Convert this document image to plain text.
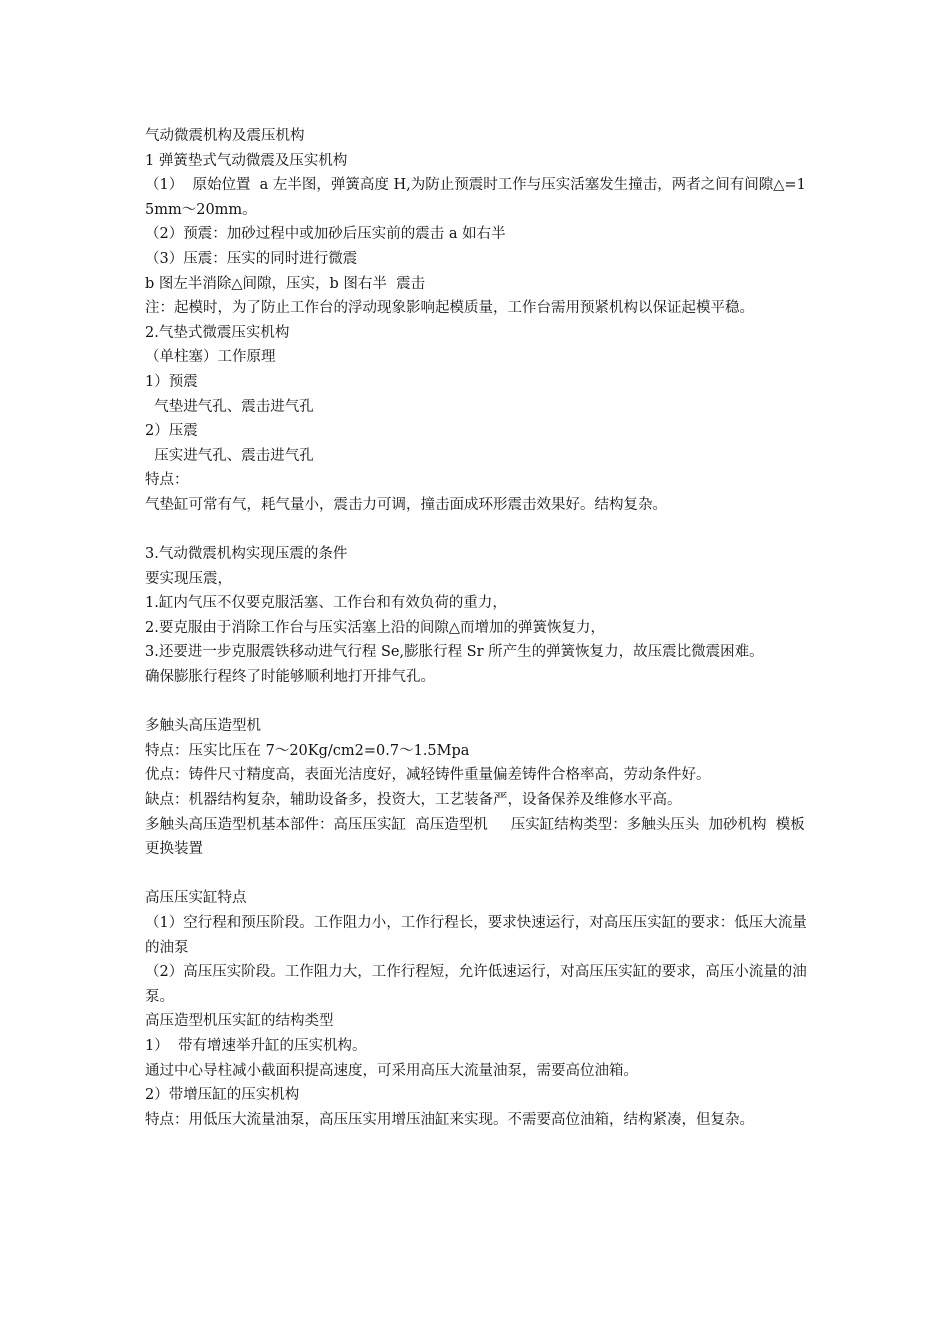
气动微震机构及震压机构

1 弹簧垫式气动微震及压实机构

（1）  原始位置  a 左半图，弹簧高度 H,为防止预震时工作与压实活塞发生撞击，两者之间有间隙△=15mm～20mm。

（2）预震：加砂过程中或加砂后压实前的震击 a 如右半

（3）压震：压实的同时进行微震

b 图左半消除△间隙，压实，b 图右半  震击

注：起模时，为了防止工作台的浮动现象影响起模质量，工作台需用预紧机构以保证起模平稳。

2.气垫式微震压实机构

（单柱塞）工作原理

1）预震

气垫进气孔、震击进气孔

2）压震

压实进气孔、震击进气孔

特点：

气垫缸可常有气，耗气量小，震击力可调，撞击面成环形震击效果好。结构复杂。

3.气动微震机构实现压震的条件

要实现压震，

1.缸内气压不仅要克服活塞、工作台和有效负荷的重力，

2.要克服由于消除工作台与压实活塞上沿的间隙△而增加的弹簧恢复力，

3.还要进一步克服震铁移动进气行程 Se,膨胀行程 Sr 所产生的弹簧恢复力，故压震比微震困难。

确保膨胀行程终了时能够顺利地打开排气孔。

多触头高压造型机

特点：压实比压在 7～20Kg/cm2=0.7～1.5Mpa

优点：铸件尺寸精度高，表面光洁度好，减轻铸件重量偏差铸件合格率高，劳动条件好。

缺点：机器结构复杂，辅助设备多，投资大，工艺装备严，设备保养及维修水平高。

多触头高压造型机基本部件：高压压实缸  高压造型机     压实缸结构类型：多触头压头  加砂机构  模板更换装置

高压压实缸特点

（1）空行程和预压阶段。工作阻力小，工作行程长，要求快速运行，对高压压实缸的要求：低压大流量的油泵

（2）高压压实阶段。工作阻力大，工作行程短，允许低速运行，对高压压实缸的要求，高压小流量的油泵。

高压造型机压实缸的结构类型

1）  带有增速举升缸的压实机构。

通过中心导柱减小截面积提高速度，可采用高压大流量油泵，需要高位油箱。

2）带增压缸的压实机构

特点：用低压大流量油泵，高压压实用增压油缸来实现。不需要高位油箱，结构紧凑，但复杂。
